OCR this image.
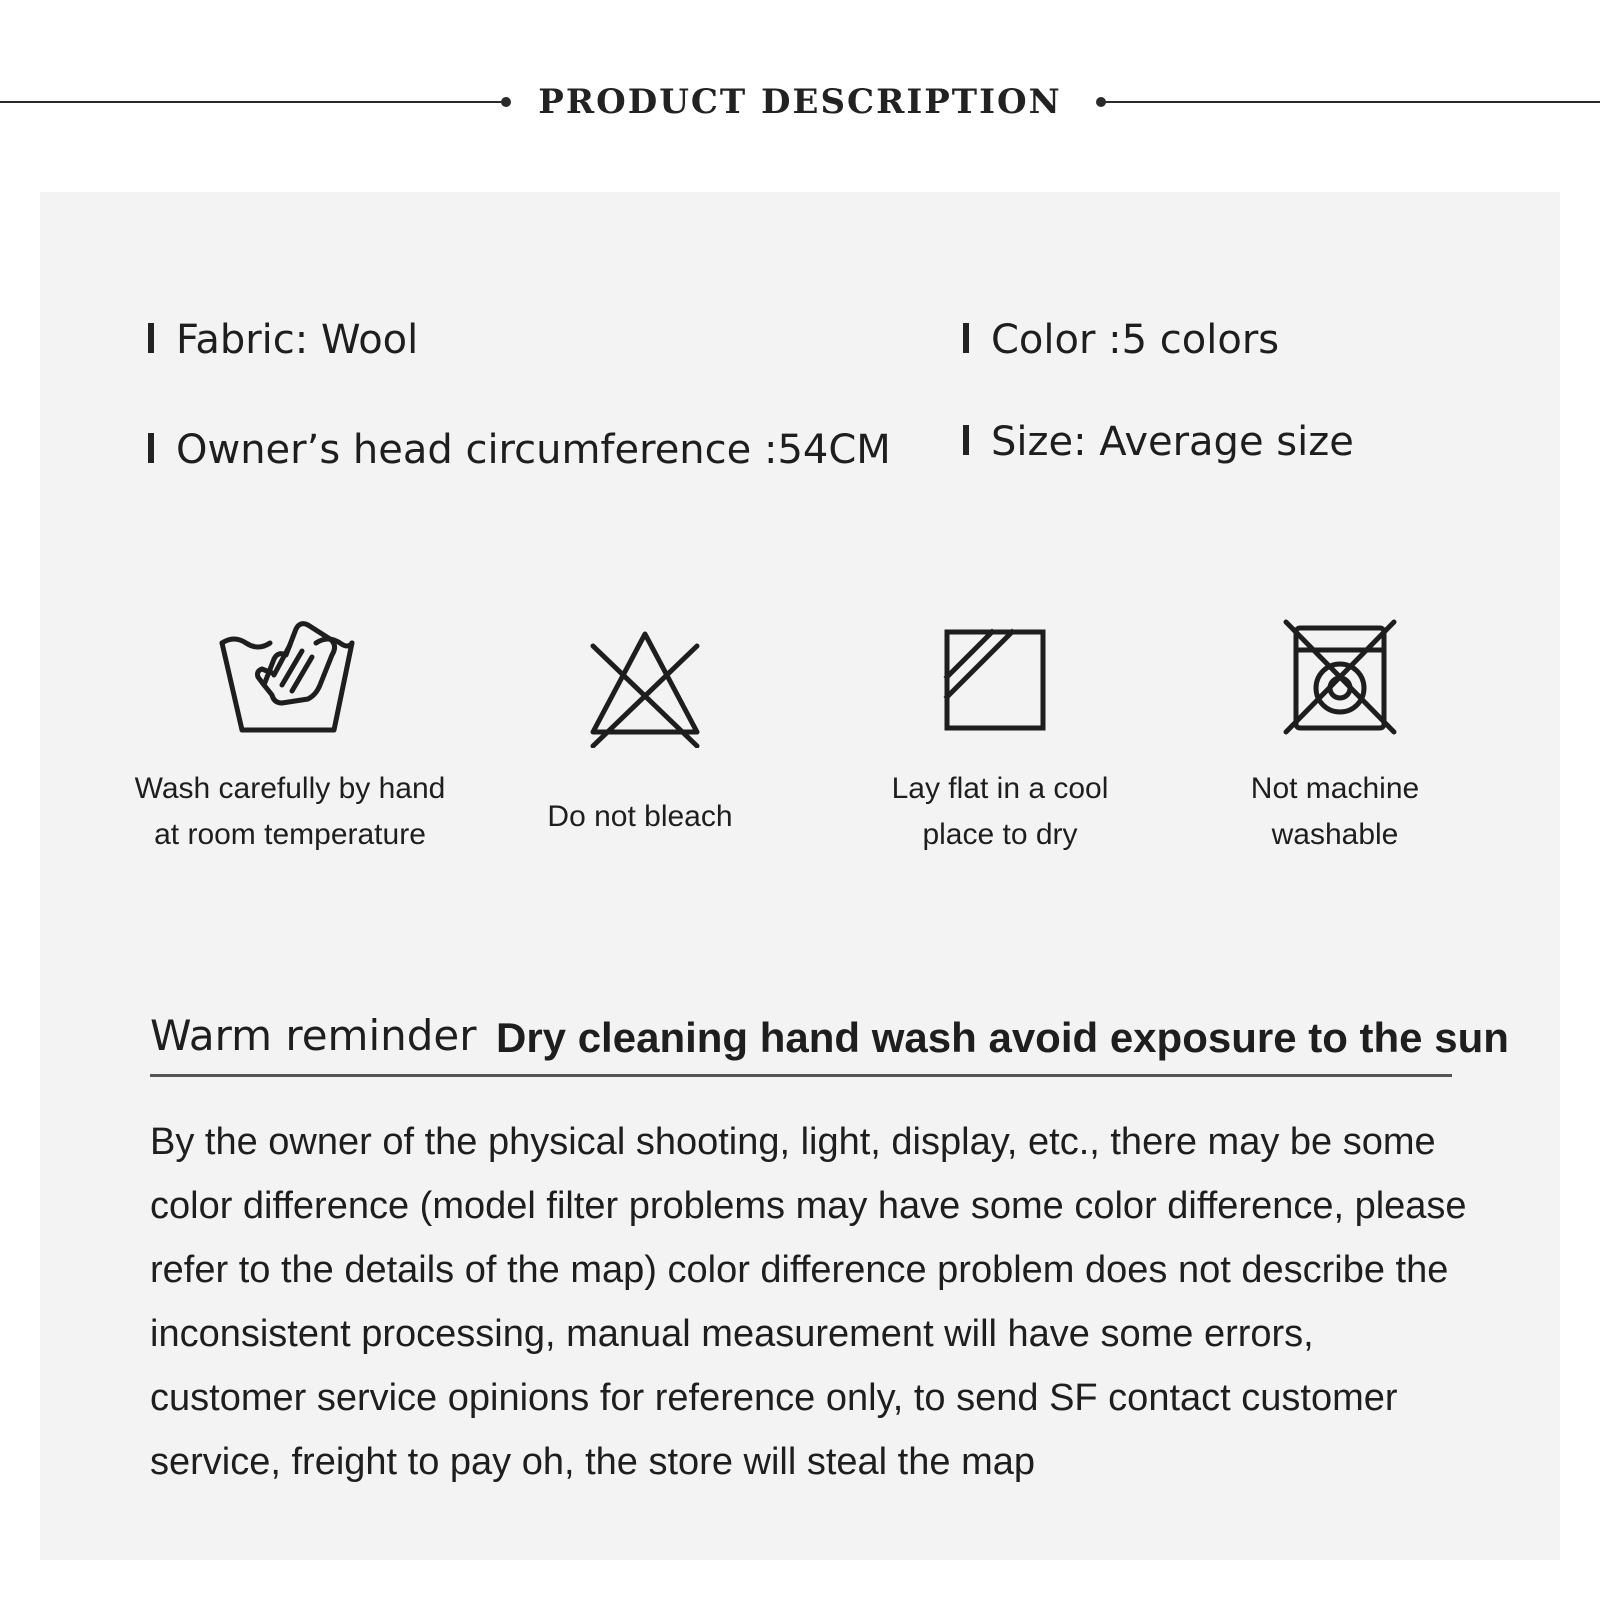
PRODUCT DESCRIPTION
Fabric: Wool	Color :5 colors
Owner’s head circumference :54CM	Size: Average size
Wash carefully by hand
at room temperature
Do not bleach
Lay flat in a cool
place to dry
Not machine
washable
Warm reminder Dry cleaning hand wash avoid exposure to the sun
By the owner of the physical shooting, light, display, etc., there may be some color difference (model filter problems may have some color difference, please refer to the details of the map) color difference problem does not describe the inconsistent processing, manual measurement will have some errors, customer service opinions for reference only, to send SF contact customer service, freight to pay oh, the store will steal the map
